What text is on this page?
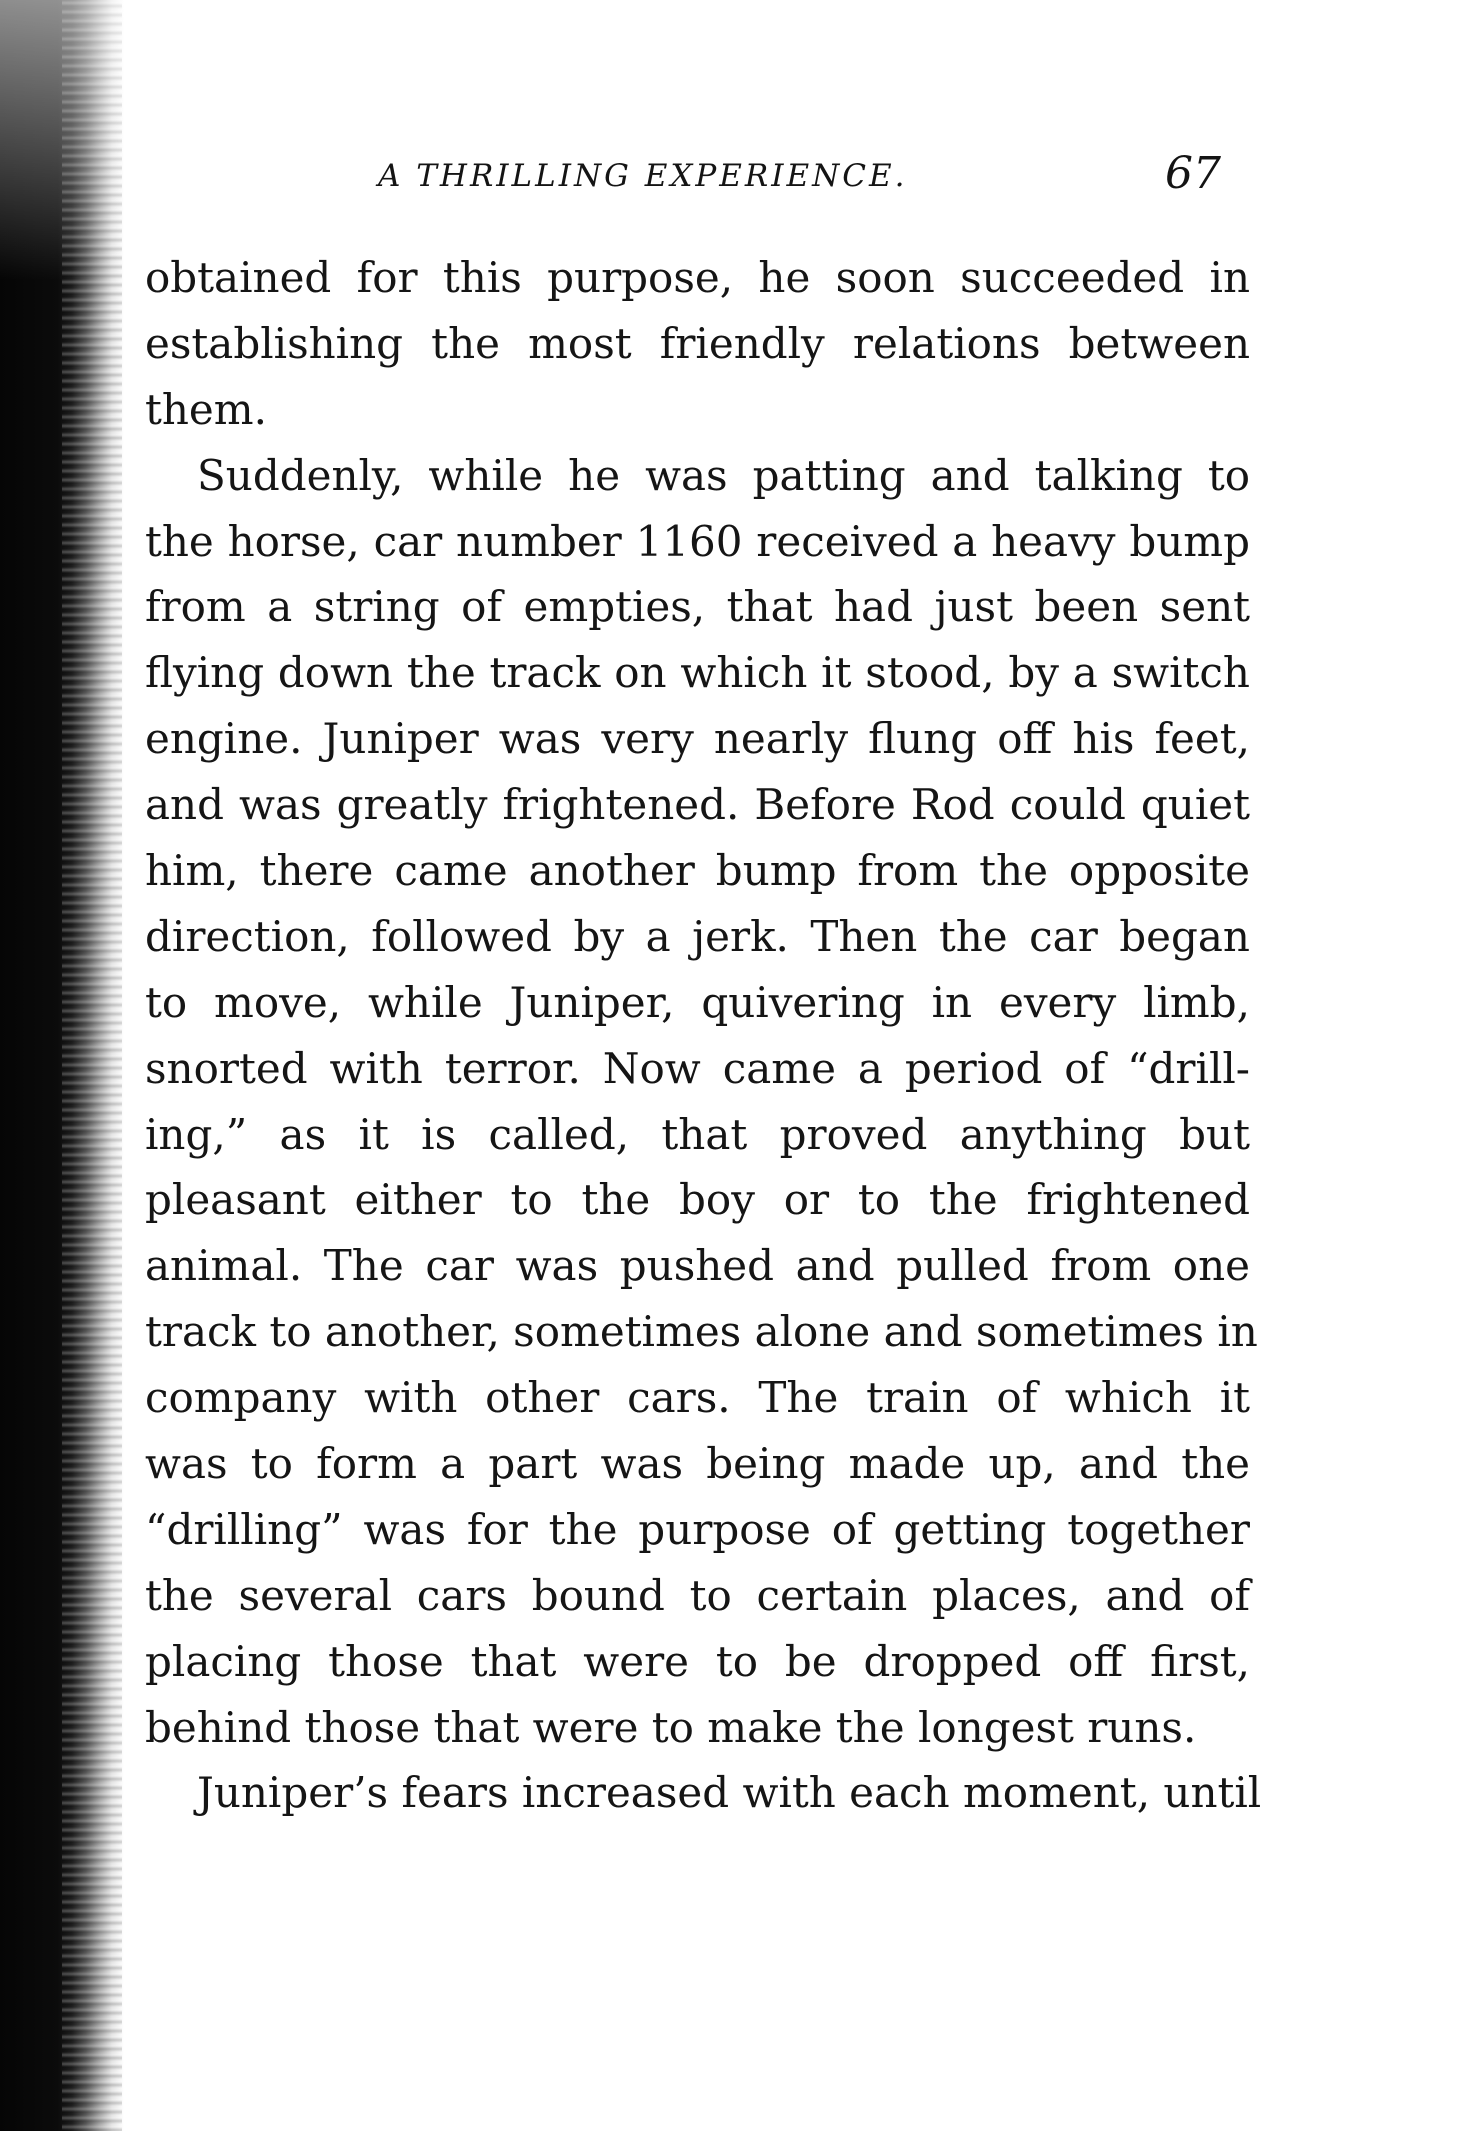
A THRILLING EXPERIENCE.	67
obtained for this purpose, he soon succeeded in
establishing the most friendly relations between
them.
Suddenly, while he was patting and talking to
the horse, car number 1160 received a heavy bump
from a string of empties, that had just been sent
flying down the track on which it stood, by a switch
engine. Juniper was very nearly flung off his feet,
and was greatly frightened. Before Rod could quiet
him, there came another bump from the opposite
direction, followed by a jerk. Then the car began
to move, while Juniper, quivering in every limb,
snorted with terror. Now came a period of “drill-
ing,” as it is called, that proved anything but
pleasant either to the boy or to the frightened
animal. The car was pushed and pulled from one
track to another, sometimes alone and sometimes in
company with other cars. The train of which it
was to form a part was being made up, and the
“drilling” was for the purpose of getting together
the several cars bound to certain places, and of
placing those that were to be dropped off first,
behind those that were to make the longest runs.
Juniper’s fears increased with each moment, until
